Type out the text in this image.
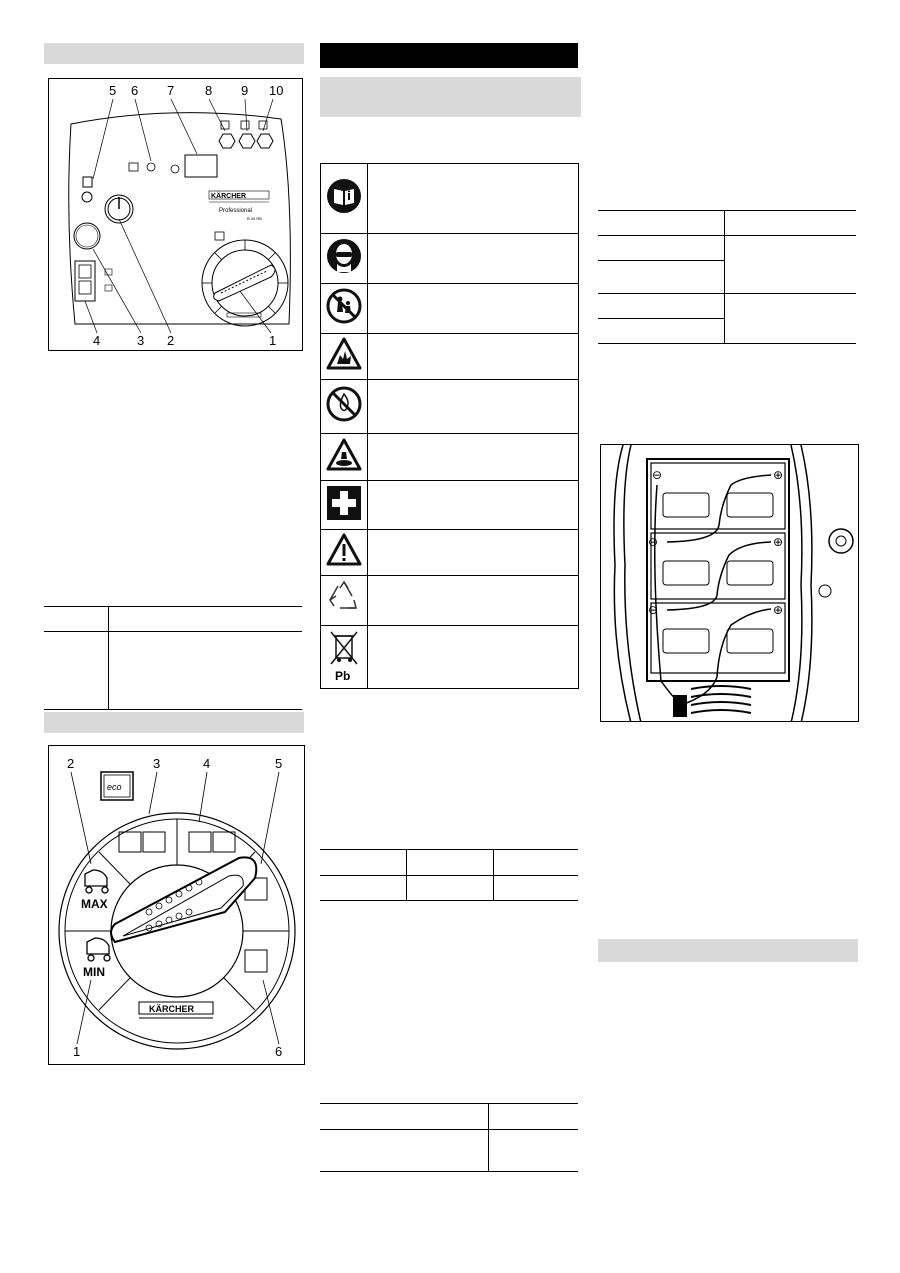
5 6 7 8 9 10
4	3 2	1
KÄRCHER
Professional
B 40 RB

2	3	4	5
1	6
eco
MAX
MIN
KÄRCHER

Pb	

⊖	⊕
⊖	⊕
⊖	⊕
